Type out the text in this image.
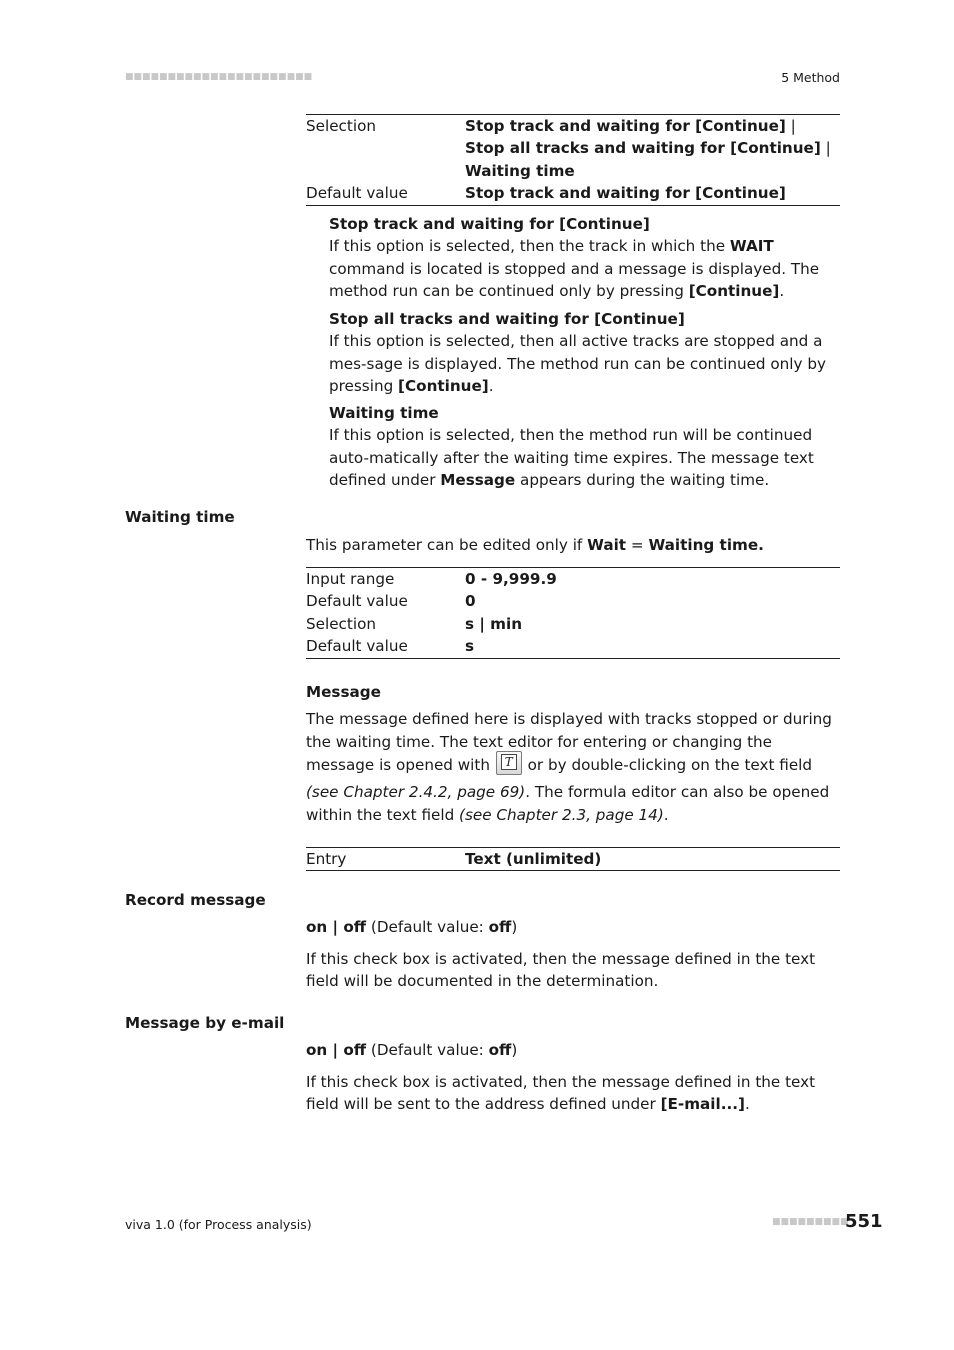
■■■■■■■■■■■■■■■■■■■■■■	5 Method
Selection	Stop track and waiting for [Continue] | Stop all tracks and waiting for [Continue] | Waiting time
Default value	Stop track and waiting for [Continue]
Stop track and waiting for [Continue]
If this option is selected, then the track in which the WAIT command is located is stopped and a message is displayed. The method run can be continued only by pressing [Continue].
Stop all tracks and waiting for [Continue]
If this option is selected, then all active tracks are stopped and a mes-sage is displayed. The method run can be continued only by pressing [Continue].
Waiting time
If this option is selected, then the method run will be continued auto-matically after the waiting time expires. The message text defined under Message appears during the waiting time.
Waiting time
This parameter can be edited only if Wait = Waiting time.
Input range	0 - 9,999.9
Default value	0
Selection	s | min
Default value	s
Message
The message defined here is displayed with tracks stopped or during the waiting time. The text editor for entering or changing the message is opened with T or by double-clicking on the text field (see Chapter 2.4.2, page 69). The formula editor can also be opened within the text field (see Chapter 2.3, page 14).
Entry	Text (unlimited)
Record message
on | off (Default value: off)
If this check box is activated, then the message defined in the text field will be documented in the determination.
Message by e-mail
on | off (Default value: off)
If this check box is activated, then the message defined in the text field will be sent to the address defined under [E-mail...].
viva 1.0 (for Process analysis)	■■■■■■■■■
551
